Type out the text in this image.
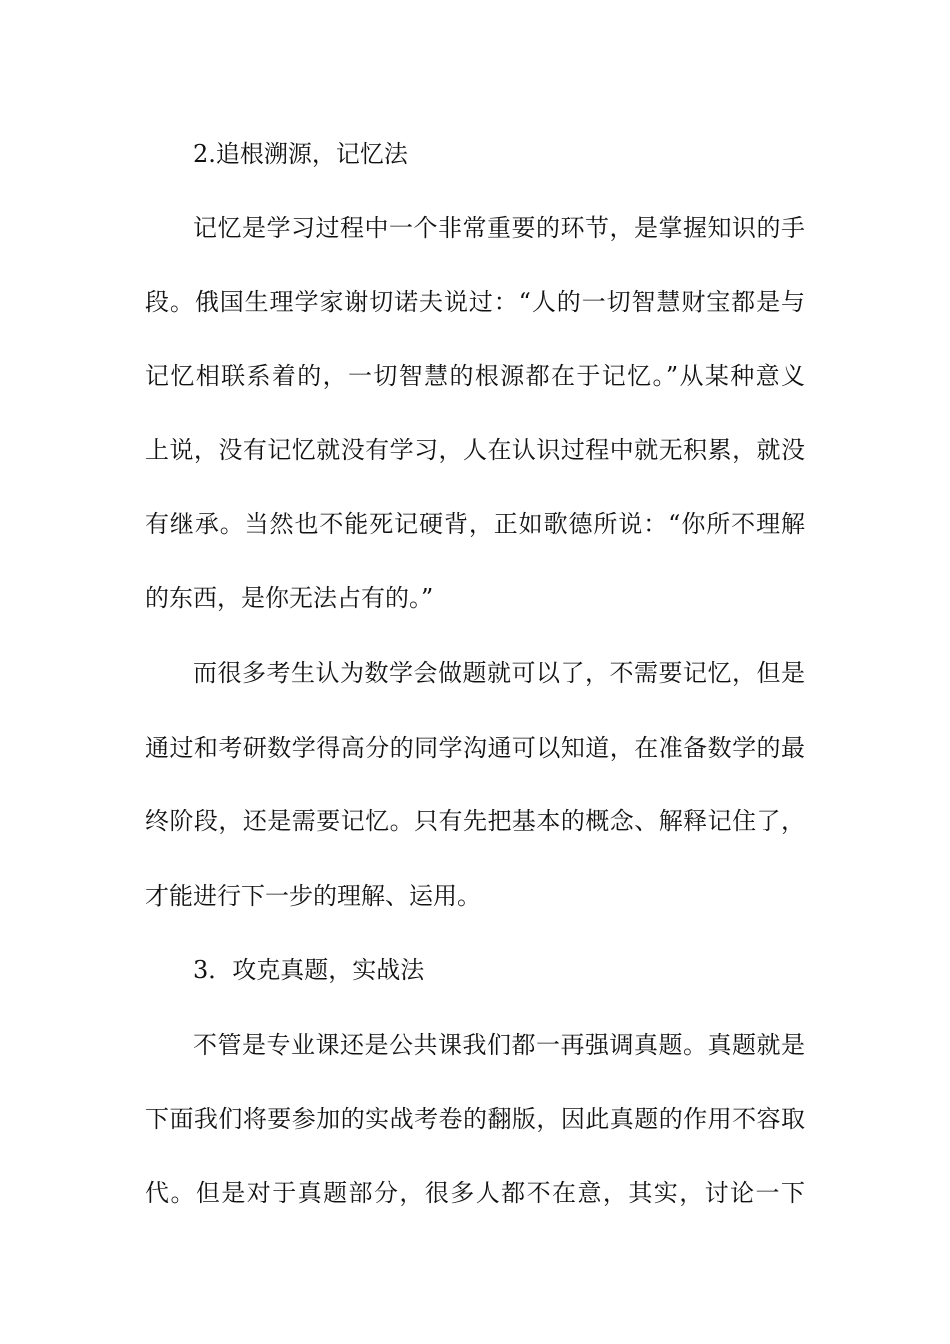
2.追根溯源，记忆法
记忆是学习过程中一个非常重要的环节，是掌握知识的手
段。俄国生理学家谢切诺夫说过：“人的一切智慧财宝都是与
记忆相联系着的，一切智慧的根源都在于记忆。”从某种意义
上说，没有记忆就没有学习，人在认识过程中就无积累，就没
有继承。当然也不能死记硬背，正如歌德所说：“你所不理解
的东西，是你无法占有的。”
而很多考生认为数学会做题就可以了，不需要记忆，但是
通过和考研数学得高分的同学沟通可以知道，在准备数学的最
终阶段，还是需要记忆。只有先把基本的概念、解释记住了，
才能进行下一步的理解、运用。
3．攻克真题，实战法
不管是专业课还是公共课我们都一再强调真题。真题就是
下面我们将要参加的实战考卷的翻版，因此真题的作用不容取
代。但是对于真题部分，很多人都不在意，其实，讨论一下
